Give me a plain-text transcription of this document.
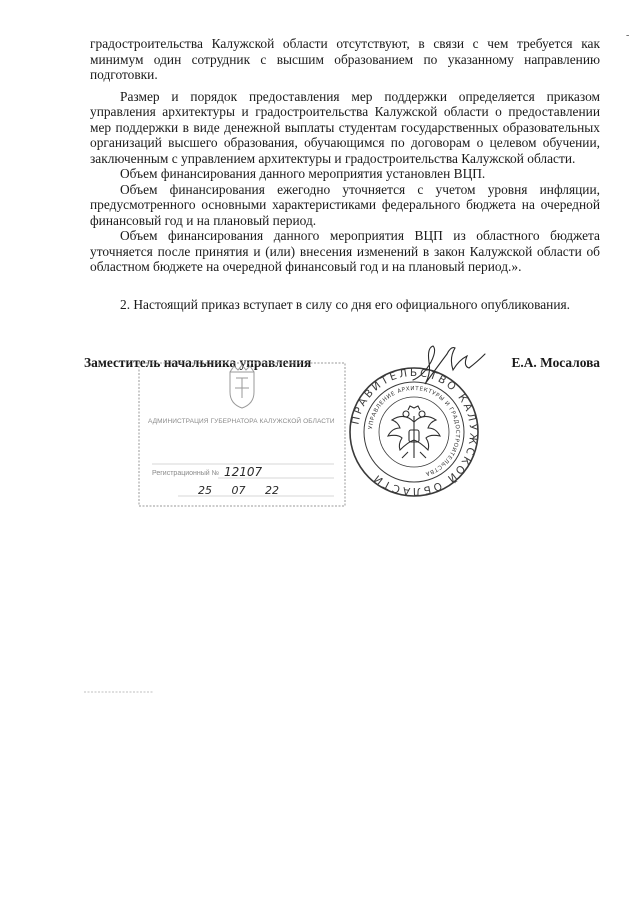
-

градостроительства Калужской области отсутствуют, в связи с чем требуется как минимум один сотрудник с высшим образованием по указанному направлению подготовки.

Размер и порядок предоставления мер поддержки определяется приказом управления архитектуры и градостроительства Калужской области о предоставлении мер поддержки в виде денежной выплаты студентам государственных образовательных организаций высшего образования, обучающимся по договорам о целевом обучении, заключенным с управлением архитектуры и градостроительства Калужской области.

Объем финансирования данного мероприятия установлен ВЦП.

Объем финансирования ежегодно уточняется с учетом уровня инфляции, предусмотренного основными характеристиками федерального бюджета на очередной финансовый год и на плановый период.

Объем финансирования данного мероприятия ВЦП из областного бюджета уточняется после принятия и (или) внесения изменений в закон Калужской области об областном бюджете на очередной финансовый год и на плановый период.».

2. Настоящий приказ вступает в силу со дня его официального опубликования.

Заместитель начальника управления	Е.А. Мосалова
АДМИНИСТРАЦИЯ ГУБЕРНАТОРА КАЛУЖСКОЙ ОБЛАСТИ
Регистрационный № 12107
25 07 22
ПРАВИТЕЛЬСТВО КАЛУЖСКОЙ ОБЛАСТИ
УПРАВЛЕНИЕ АРХИТЕКТУРЫ И ГРАДОСТРОИТЕЛЬСТВА
